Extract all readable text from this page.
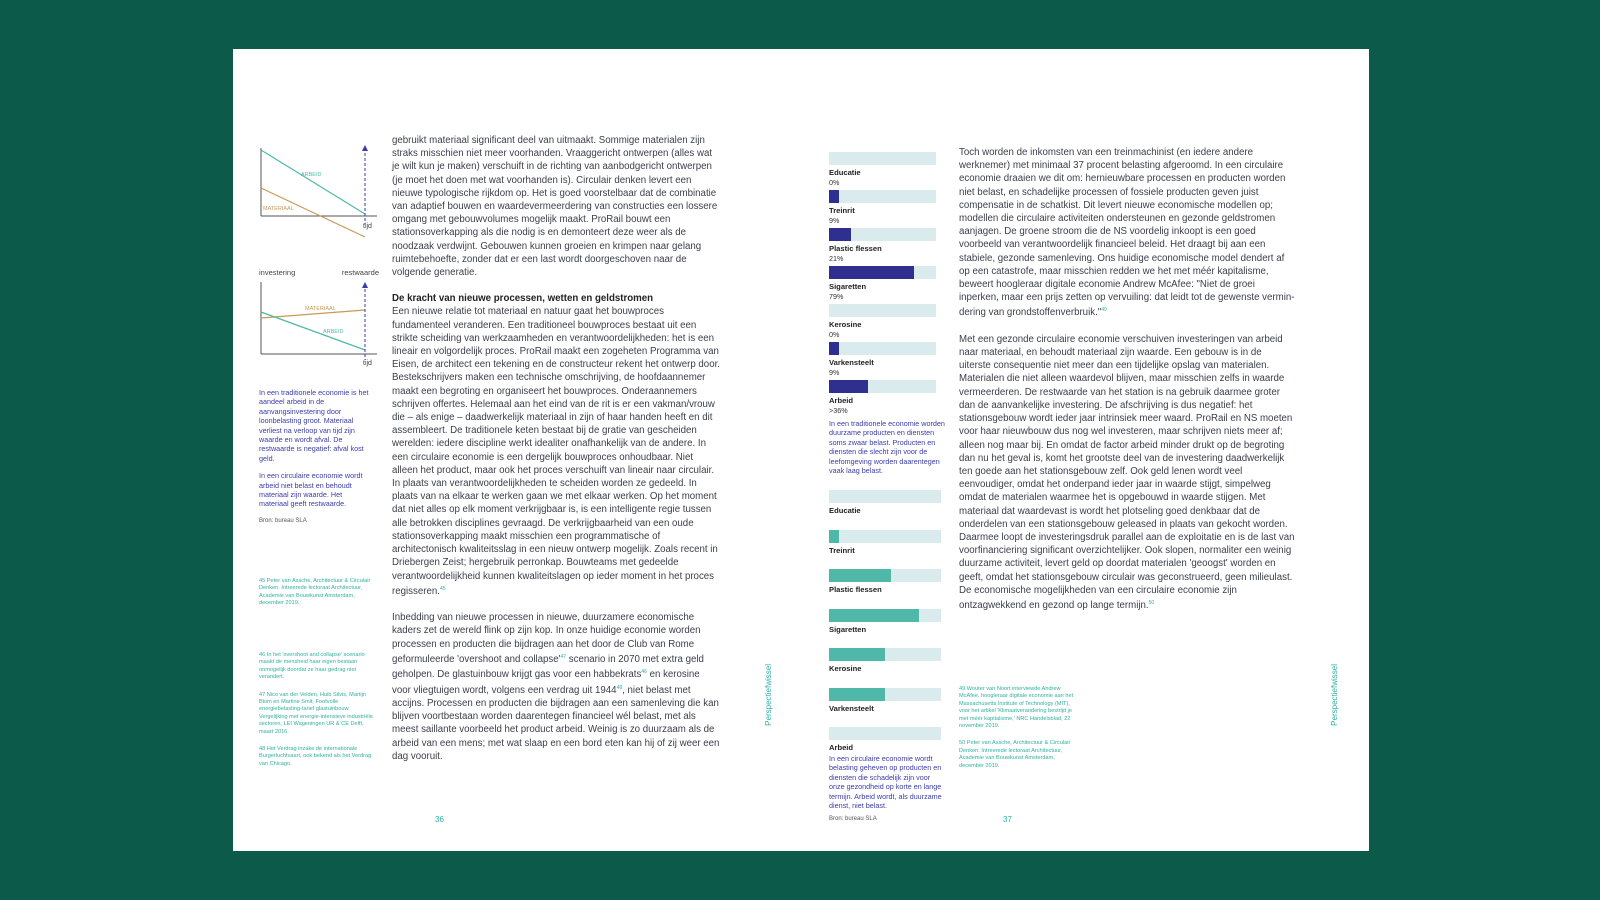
ARBEID
MATERIAAL
tijd
investering	restwaarde
MATERIAAL
ARBEID
tijd

In een traditionele economie is het aandeel arbeid in de aanvangsinvestering door loonbelasting groot. Materiaal verliest na verloop van tijd zijn waarde en wordt afval. De restwaarde is negatief: afval kost geld.

In een circulaire economie wordt arbeid niet belast en behoudt materiaal zijn waarde. Het materiaal geeft restwaarde.

Bron: bureau SLA
45 Peter van Assche, Architectuur & Circulair Denken. Intreerede lectoraat Architectuur, Academie van Bouwkunst Amsterdam, december 2019.
46 In het 'overshoot and collapse' scenario maakt de mensheid haar eigen bestaan onmogelijk doordat ze haar gedrag niet verandert.
47 Nico van der Velden, Huib Silvis, Martijn Blom en Martine Smit, Footvolle energiebelasting-tarief glastuinbouw. Vergelijking met energie-intensieve industriële sectoren, LEI Wageningen UR & CE Delft, maart 2016.
48 Het Verdrag inzake de internationale Burgerluchtvaart, ook bekend als het Verdrag van Chicago.

gebruikt materiaal significant deel van uitmaakt. Sommige materialen zijn straks misschien niet meer voorhanden. Vraaggericht ontwerpen (alles wat je wilt kun je maken) verschuift in de richting van aanbodgericht ontwerpen (je moet het doen met wat voorhanden is). Circulair denken levert een nieuwe typologische rijkdom op. Het is goed voorstelbaar dat de combinatie van adaptief bouwen en waardevermeerdering van constructies een lossere omgang met gebouwvolumes mogelijk maakt. ProRail bouwt een stationsoverkapping als die nodig is en demonteert deze weer als de noodzaak verdwijnt. Gebouwen kunnen groeien en krimpen naar gelang ruimtebehoefte, zonder dat er een last wordt doorgeschoven naar de volgende generatie.

De kracht van nieuwe processen, wetten en geldstromen

Een nieuwe relatie tot materiaal en natuur gaat het bouwproces fundamenteel veranderen. Een traditioneel bouwproces bestaat uit een strikte scheiding van werkzaamheden en verantwoordelijkheden: het is een lineair en volgordelijk proces. ProRail maakt een zogeheten Programma van Eisen, de architect een tekening en de constructeur rekent het ontwerp door. Bestekschrijvers maken een technische omschrijving, de hoofdaannemer maakt een begroting en organiseert het bouwproces. Onderaannemers schrijven offertes. Helemaal aan het eind van de rit is er een vakman/vrouw die – als enige – daadwerkelijk materiaal in zijn of haar handen heeft en dit assembleert. De traditionele keten bestaat bij de gratie van gescheiden werelden: iedere discipline werkt idealiter onafhankelijk van de andere. In een circulaire economie is een dergelijk bouwproces onhoudbaar. Niet alleen het product, maar ook het proces verschuift van lineair naar circulair. In plaats van verantwoordelijkheden te scheiden worden ze gedeeld. In plaats van na elkaar te werken gaan we met elkaar werken. Op het moment dat niet alles op elk moment verkrijgbaar is, is een intelligente regie tussen alle betrokken disciplines gevraagd. De verkrijgbaarheid van een oude stationsoverkapping maakt misschien een programmatische of architectonisch kwaliteitsslag in een nieuw ontwerp mogelijk. Zoals recent in Driebergen Zeist; hergebruik perronkap. Bouwteams met gedeelde verantwoordelijkheid kunnen kwaliteitslagen op ieder moment in het proces regisseren.$^{45}$

Inbedding van nieuwe processen in nieuwe, duurzamere economische kaders zet de wereld flink op zijn kop. In onze huidige economie worden processen en producten die bijdragen aan het door de Club van Rome geformuleerde 'overshoot and $collapse'^{47}$ scenario in 2070 met extra geld geholpen. De glastuinbouw krijgt gas voor een habbekrats$^{46}$ en kerosine voor vliegtuigen wordt, volgens een verdrag uit 1944$^{48}$, niet belast met accijns. Processen en producten die bijdragen aan een samenleving die kan blijven voortbestaan worden daarentegen financieel wél belast, met als meest saillante voorbeeld het product arbeid. Weinig is zo duurzaam als de arbeid van een mens; met wat slaap en een bord eten kan hij of zij weer een dag vooruit.

36
Perspectiefwissel
Educatie
0%
Treinrit
9%
Plastic flessen
21%
Sigaretten
79%
Kerosine
0%
Varkensteelt
9%
Arbeid
>36%
In een traditionele economie worden duurzame producten en diensten soms zwaar belast. Producten en diensten die slecht zijn voor de leefomgeving worden daarentegen vaak laag belast.
Educatie
Treinrit
Plastic flessen
Sigaretten
Kerosine
Varkensteelt
Arbeid
In een circulaire economie wordt belasting geheven op producten en diensten die schadelijk zijn voor onze gezondheid op korte en lange termijn. Arbeid wordt, als duurzame dienst, niet belast.
Bron: bureau SLA

Toch worden de inkomsten van een treinmachinist (en iedere andere werknemer) met minimaal 37 procent belasting afgeroomd. In een circulaire economie draaien we dit om: hernieuwbare processen en producten worden niet belast, en schadelijke processen of fossiele producten geven juist compensatie in de schatkist. Dit levert nieuwe economische modellen op; modellen die circulaire activiteiten ondersteunen en gezonde geldstromen aanjagen. De groene stroom die de NS voordelig inkoopt is een goed voorbeeld van verantwoordelijk financieel beleid. Het draagt bij aan een stabiele, gezonde samenleving. Ons huidige economische model dendert af op een catastrofe, maar misschien redden we het met méér kapitalisme, beweert hoogleraar digitale economie Andrew McAfee: "Niet de groei inperken, maar een prijs zetten op vervuiling: dat leidt tot de gewenste vermindering van grondstoffenverbruik."$^{49}$

Met een gezonde circulaire economie verschuiven investeringen van arbeid naar materiaal, en behoudt materiaal zijn waarde. Een gebouw is in de uiterste consequentie niet meer dan een tijdelijke opslag van materialen. Materialen die niet alleen waardevol blijven, maar misschien zelfs in waarde vermeerderen. De restwaarde van het station is na gebruik daarmee groter dan de aanvankelijke investering. De afschrijving is dus negatief: het stationsgebouw wordt ieder jaar intrinsiek meer waard. ProRail en NS moeten voor haar nieuwbouw dus nog wel investeren, maar schrijven niets meer af; alleen nog maar bij. En omdat de factor arbeid minder drukt op de begroting dan nu het geval is, komt het grootste deel van de investering daadwerkelijk ten goede aan het stationsgebouw zelf. Ook geld lenen wordt veel eenvoudiger, omdat het onderpand ieder jaar in waarde stijgt, simpelweg omdat de materialen waarmee het is opgebouwd in waarde stijgen. Met materiaal dat waardevast is wordt het plotseling goed denkbaar dat de onderdelen van een stationsgebouw geleased in plaats van gekocht worden. Daarmee loopt de investeringsdruk parallel aan de exploitatie en is de last van voorfinanciering significant overzichtelijker. Ook slopen, normaliter een weinig duurzame activiteit, levert geld op doordat materialen 'geoogst' worden en geeft, omdat het stationsgebouw circulair was geconstrueerd, geen milieulast. De economische mogelijkheden van een circulaire economie zijn ontzagwekkend en gezond op lange termijn.$^{50}$

49 Wouter van Noort interviewde Andrew McAfee, hoogleraar digitale economie aan het Massachusetts Institute of Technology (MIT), voor het artikel 'Klimaatverandering bestrijd je met méér kapitalisme,' NRC Handelsblad, 22 november 2019.
50 Peter van Assche, Architectuur & Circulair Denken. Intreerede lectoraat Architectuur, Academie van Bouwkunst Amsterdam, december 2019.
37
Perspectiefwissel
